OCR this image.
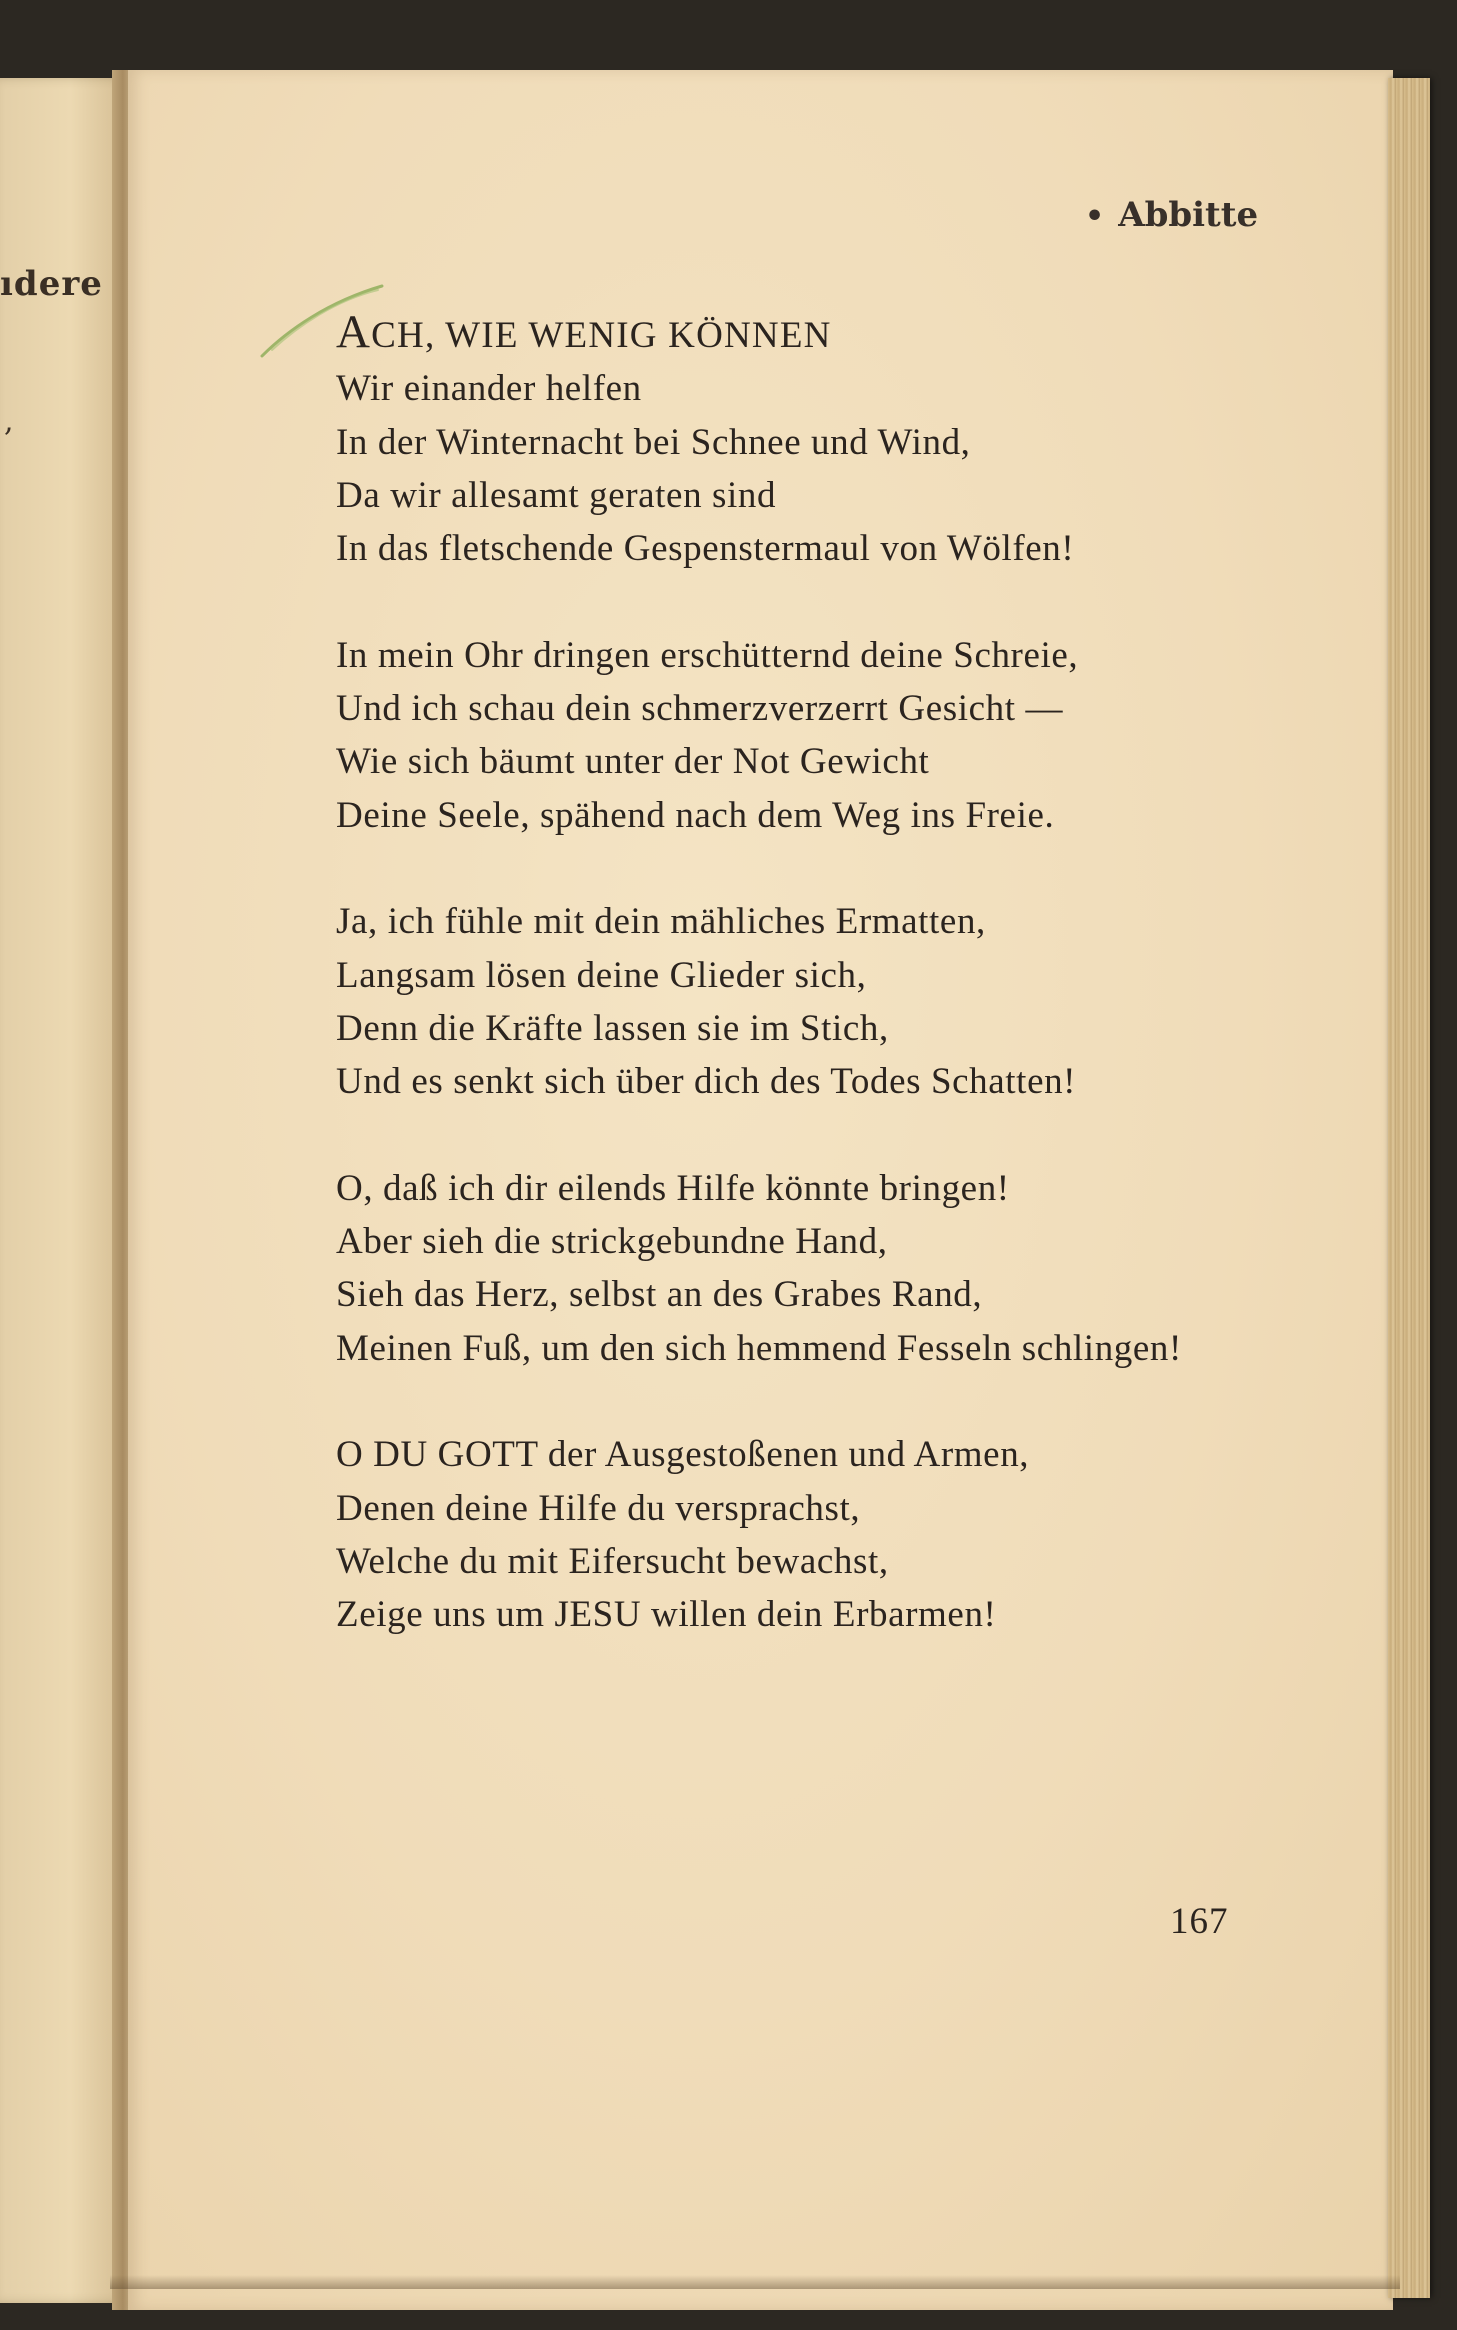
ıdere
,
• Abbitte
ACH, WIE WENIG KÖNNEN
Wir einander helfen
In der Winternacht bei Schnee und Wind,
Da wir allesamt geraten sind
In das fletschende Gespenstermaul von Wölfen!
In mein Ohr dringen erschütternd deine Schreie,
Und ich schau dein schmerzverzerrt Gesicht —
Wie sich bäumt unter der Not Gewicht
Deine Seele, spähend nach dem Weg ins Freie.
Ja, ich fühle mit dein mähliches Ermatten,
Langsam lösen deine Glieder sich,
Denn die Kräfte lassen sie im Stich,
Und es senkt sich über dich des Todes Schatten!
O, daß ich dir eilends Hilfe könnte bringen!
Aber sieh die strickgebundne Hand,
Sieh das Herz, selbst an des Grabes Rand,
Meinen Fuß, um den sich hemmend Fesseln schlingen!
O DU GOTT der Ausgestoßenen und Armen,
Denen deine Hilfe du versprachst,
Welche du mit Eifersucht bewachst,
Zeige uns um JESU willen dein Erbarmen!
167
